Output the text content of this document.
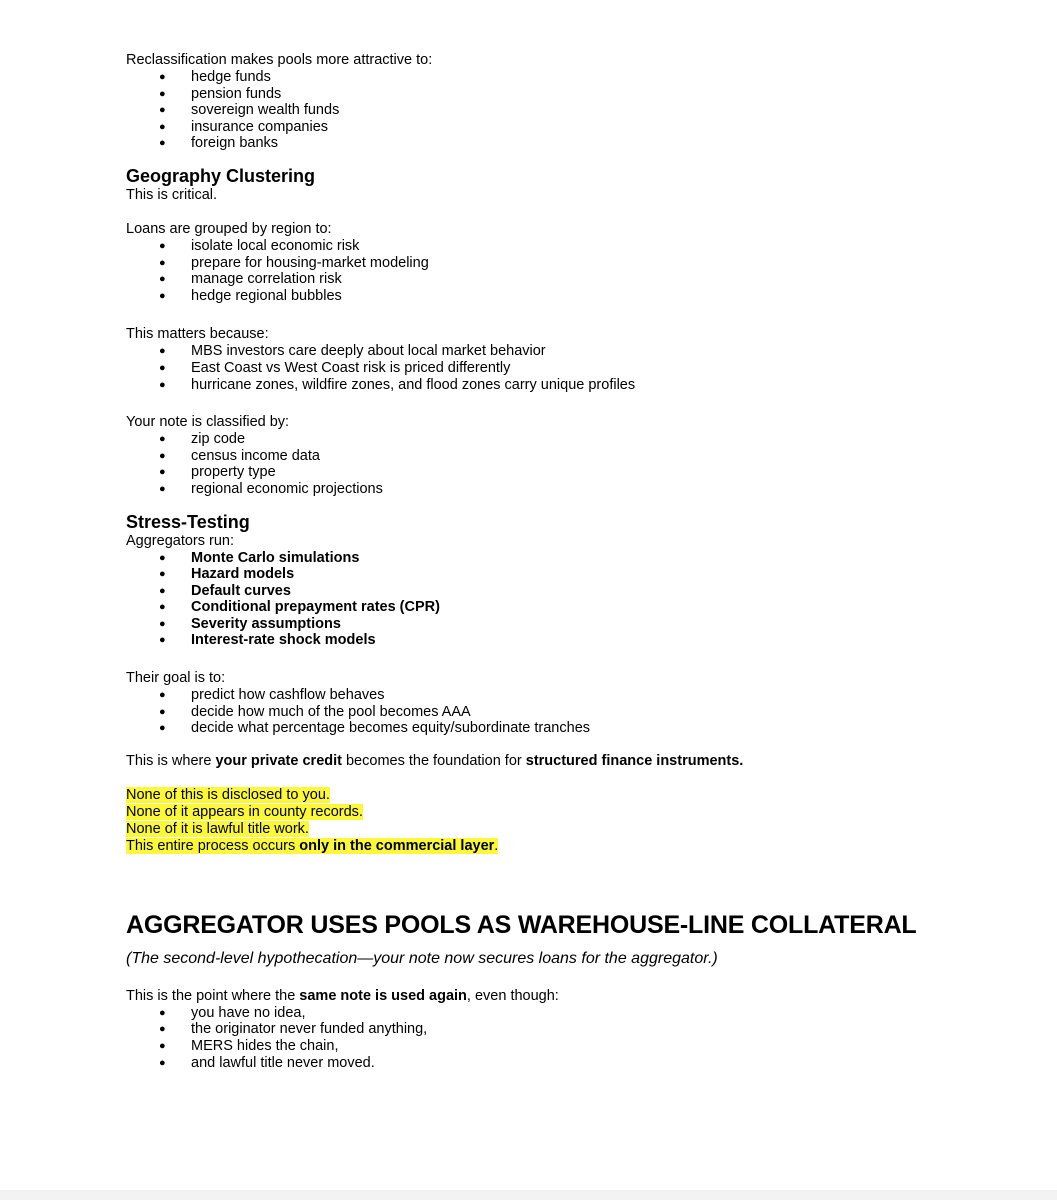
Reclassification makes pools more attractive to:

● hedge funds
● pension funds
● sovereign wealth funds
● insurance companies
● foreign banks
Geography Clustering

This is critical.

Loans are grouped by region to:

● isolate local economic risk
● prepare for housing-market modeling
● manage correlation risk
● hedge regional bubbles

This matters because:

● MBS investors care deeply about local market behavior
● East Coast vs West Coast risk is priced differently
● hurricane zones, wildfire zones, and flood zones carry unique profiles

Your note is classified by:

● zip code
● census income data
● property type
● regional economic projections
Stress-Testing

Aggregators run:

● Monte Carlo simulations
● Hazard models
● Default curves
● Conditional prepayment rates (CPR)
● Severity assumptions
● Interest-rate shock models

Their goal is to:

● predict how cashflow behaves
● decide how much of the pool becomes AAA
● decide what percentage becomes equity/subordinate tranches

This is where your private credit becomes the foundation for structured finance instruments.

None of this is disclosed to you.

None of it appears in county records.

None of it is lawful title work.

This entire process occurs only in the commercial layer.

AGGREGATOR USES POOLS AS WAREHOUSE-LINE COLLATERAL

(The second-level hypothecation—your note now secures loans for the aggregator.)

This is the point where the same note is used again, even though:

● you have no idea,
● the originator never funded anything,
● MERS hides the chain,
● and lawful title never moved.
